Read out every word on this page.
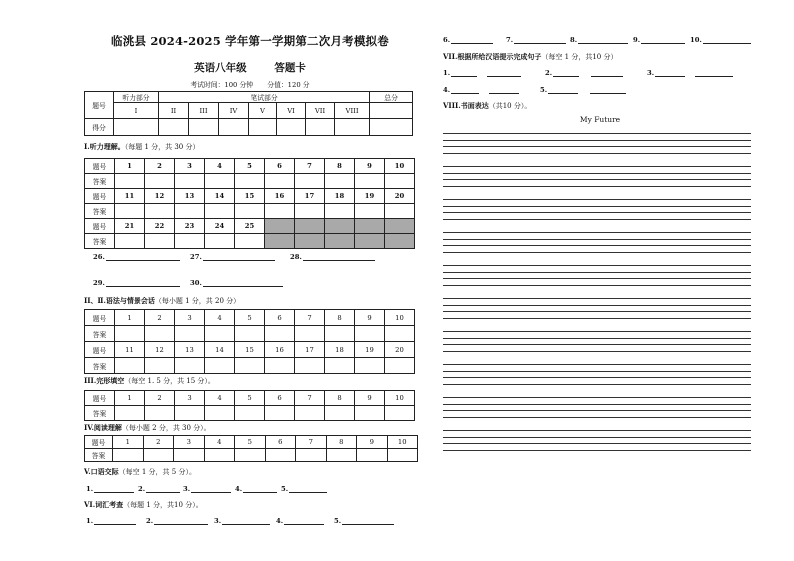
临洮县 2024-2025 学年第一学期第二次月考模拟卷
英语八年级	答题卡
考试时间：100 分钟 分值：120 分
题号	听力部分	笔试部分							总分
	I	II	III	IV	V	VI	VII	VIII	
得分									
I.听力理解。（每题 1 分，共 30 分）
题号	1	2	3	4	5	6	7	8	9	10
答案										
题号	11	12	13	14	15	16	17	18	19	20
答案										
题号	21	22	23	24	25					
答案										
26.	27.	28.
29.	30.
II、Ⅱ.语法与情景会话（每小题 1 分，共 20 分）
题号	1	2	3	4	5	6	7	8	9	10
答案										
题号	11	12	13	14	15	16	17	18	19	20
答案										
III.完形填空（每空 1. 5 分，共 15 分）。
题号	1	2	3	4	5	6	7	8	9	10
答案										
IV.阅读理解（每小题 2 分，共 30 分）。
题号	1	2	3	4	5	6	7	8	9	10
答案										
V.口语交际（每空 1 分，共 5 分）。
1.	2.	3.	4.	5.
VI.词汇考查（每题 1 分，共10 分）。
1.	2.	3.	4.	5.
6.	7.	8.	9.	10.
VII.根据所给汉语提示完成句子（每空 1 分，共10 分）
1.	2.	3.
4.	5.
VIII.书面表达（共10 分）。
My Future
